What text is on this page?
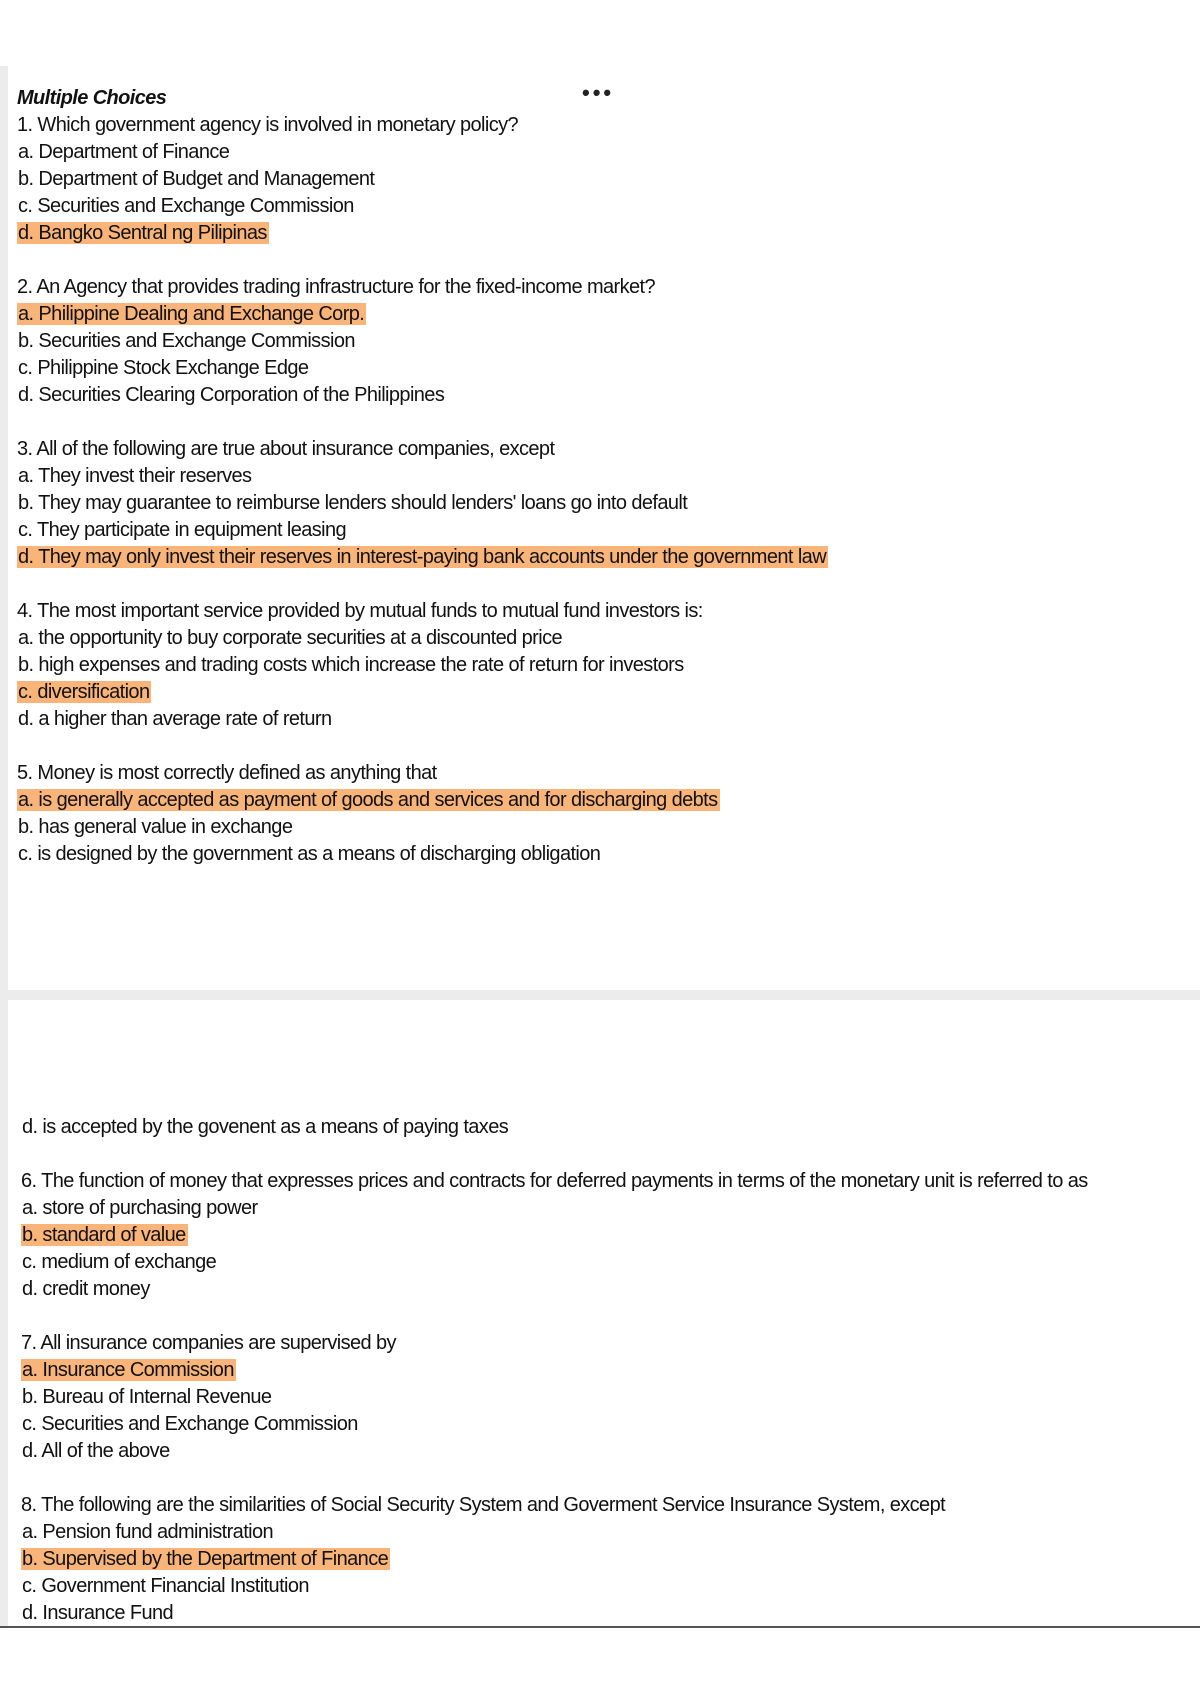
•••
Multiple Choices
1. Which government agency is involved in monetary policy?
a. Department of Finance
b. Department of Budget and Management
c. Securities and Exchange Commission
d. Bangko Sentral ng Pilipinas
2. An Agency that provides trading infrastructure for the fixed-income market?
a. Philippine Dealing and Exchange Corp.
b. Securities and Exchange Commission
c. Philippine Stock Exchange Edge
d. Securities Clearing Corporation of the Philippines
3. All of the following are true about insurance companies, except
a. They invest their reserves
b. They may guarantee to reimburse lenders should lenders' loans go into default
c. They participate in equipment leasing
d. They may only invest their reserves in interest-paying bank accounts under the government law
4. The most important service provided by mutual funds to mutual fund investors is:
a. the opportunity to buy corporate securities at a discounted price
b. high expenses and trading costs which increase the rate of return for investors
c. diversification
d. a higher than average rate of return
5. Money is most correctly defined as anything that
a. is generally accepted as payment of goods and services and for discharging debts
b. has general value in exchange
c. is designed by the government as a means of discharging obligation
d. is accepted by the govenent as a means of paying taxes
6. The function of money that expresses prices and contracts for deferred payments in terms of the monetary unit is referred to as
a. store of purchasing power
b. standard of value
c. medium of exchange
d. credit money
7. All insurance companies are supervised by
a. Insurance Commission
b. Bureau of Internal Revenue
c. Securities and Exchange Commission
d. All of the above
8. The following are the similarities of Social Security System and Goverment Service Insurance System, except
a. Pension fund administration
b. Supervised by the Department of Finance
c. Government Financial Institution
d. Insurance Fund
